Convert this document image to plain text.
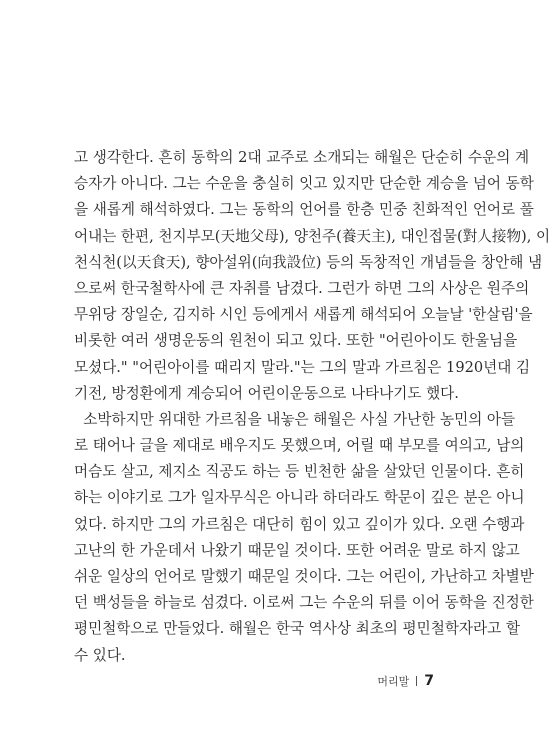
고 생각한다. 흔히 동학의 2대 교주로 소개되는 해월은 단순히 수운의 계
승자가 아니다. 그는 수운을 충실히 잇고 있지만 단순한 계승을 넘어 동학
을 새롭게 해석하였다. 그는 동학의 언어를 한층 민중 친화적인 언어로 풀
어내는 한편, 천지부모(天地父母), 양천주(養天主), 대인접물(對人接物), 이
천식천(以天食天), 향아설위(向我設位) 등의 독창적인 개념들을 창안해 냄
으로써 한국철학사에 큰 자취를 남겼다. 그런가 하면 그의 사상은 원주의
무위당 장일순, 김지하 시인 등에게서 새롭게 해석되어 오늘날 '한살림'을
비롯한 여러 생명운동의 원천이 되고 있다. 또한 "어린아이도 한울님을
모셨다." "어린아이를 때리지 말라."는 그의 말과 가르침은 1920년대 김
기전, 방정환에게 계승되어 어린이운동으로 나타나기도 했다.
소박하지만 위대한 가르침을 내놓은 해월은 사실 가난한 농민의 아들
로 태어나 글을 제대로 배우지도 못했으며, 어릴 때 부모를 여의고, 남의
머슴도 살고, 제지소 직공도 하는 등 빈천한 삶을 살았던 인물이다. 흔히
하는 이야기로 그가 일자무식은 아니라 하더라도 학문이 깊은 분은 아니
었다. 하지만 그의 가르침은 대단히 힘이 있고 깊이가 있다. 오랜 수행과
고난의 한 가운데서 나왔기 때문일 것이다. 또한 어려운 말로 하지 않고
쉬운 일상의 언어로 말했기 때문일 것이다. 그는 어린이, 가난하고 차별받
던 백성들을 하늘로 섬겼다. 이로써 그는 수운의 뒤를 이어 동학을 진정한
평민철학으로 만들었다. 해월은 한국 역사상 최초의 평민철학자라고 할
수 있다.
머리말 7
